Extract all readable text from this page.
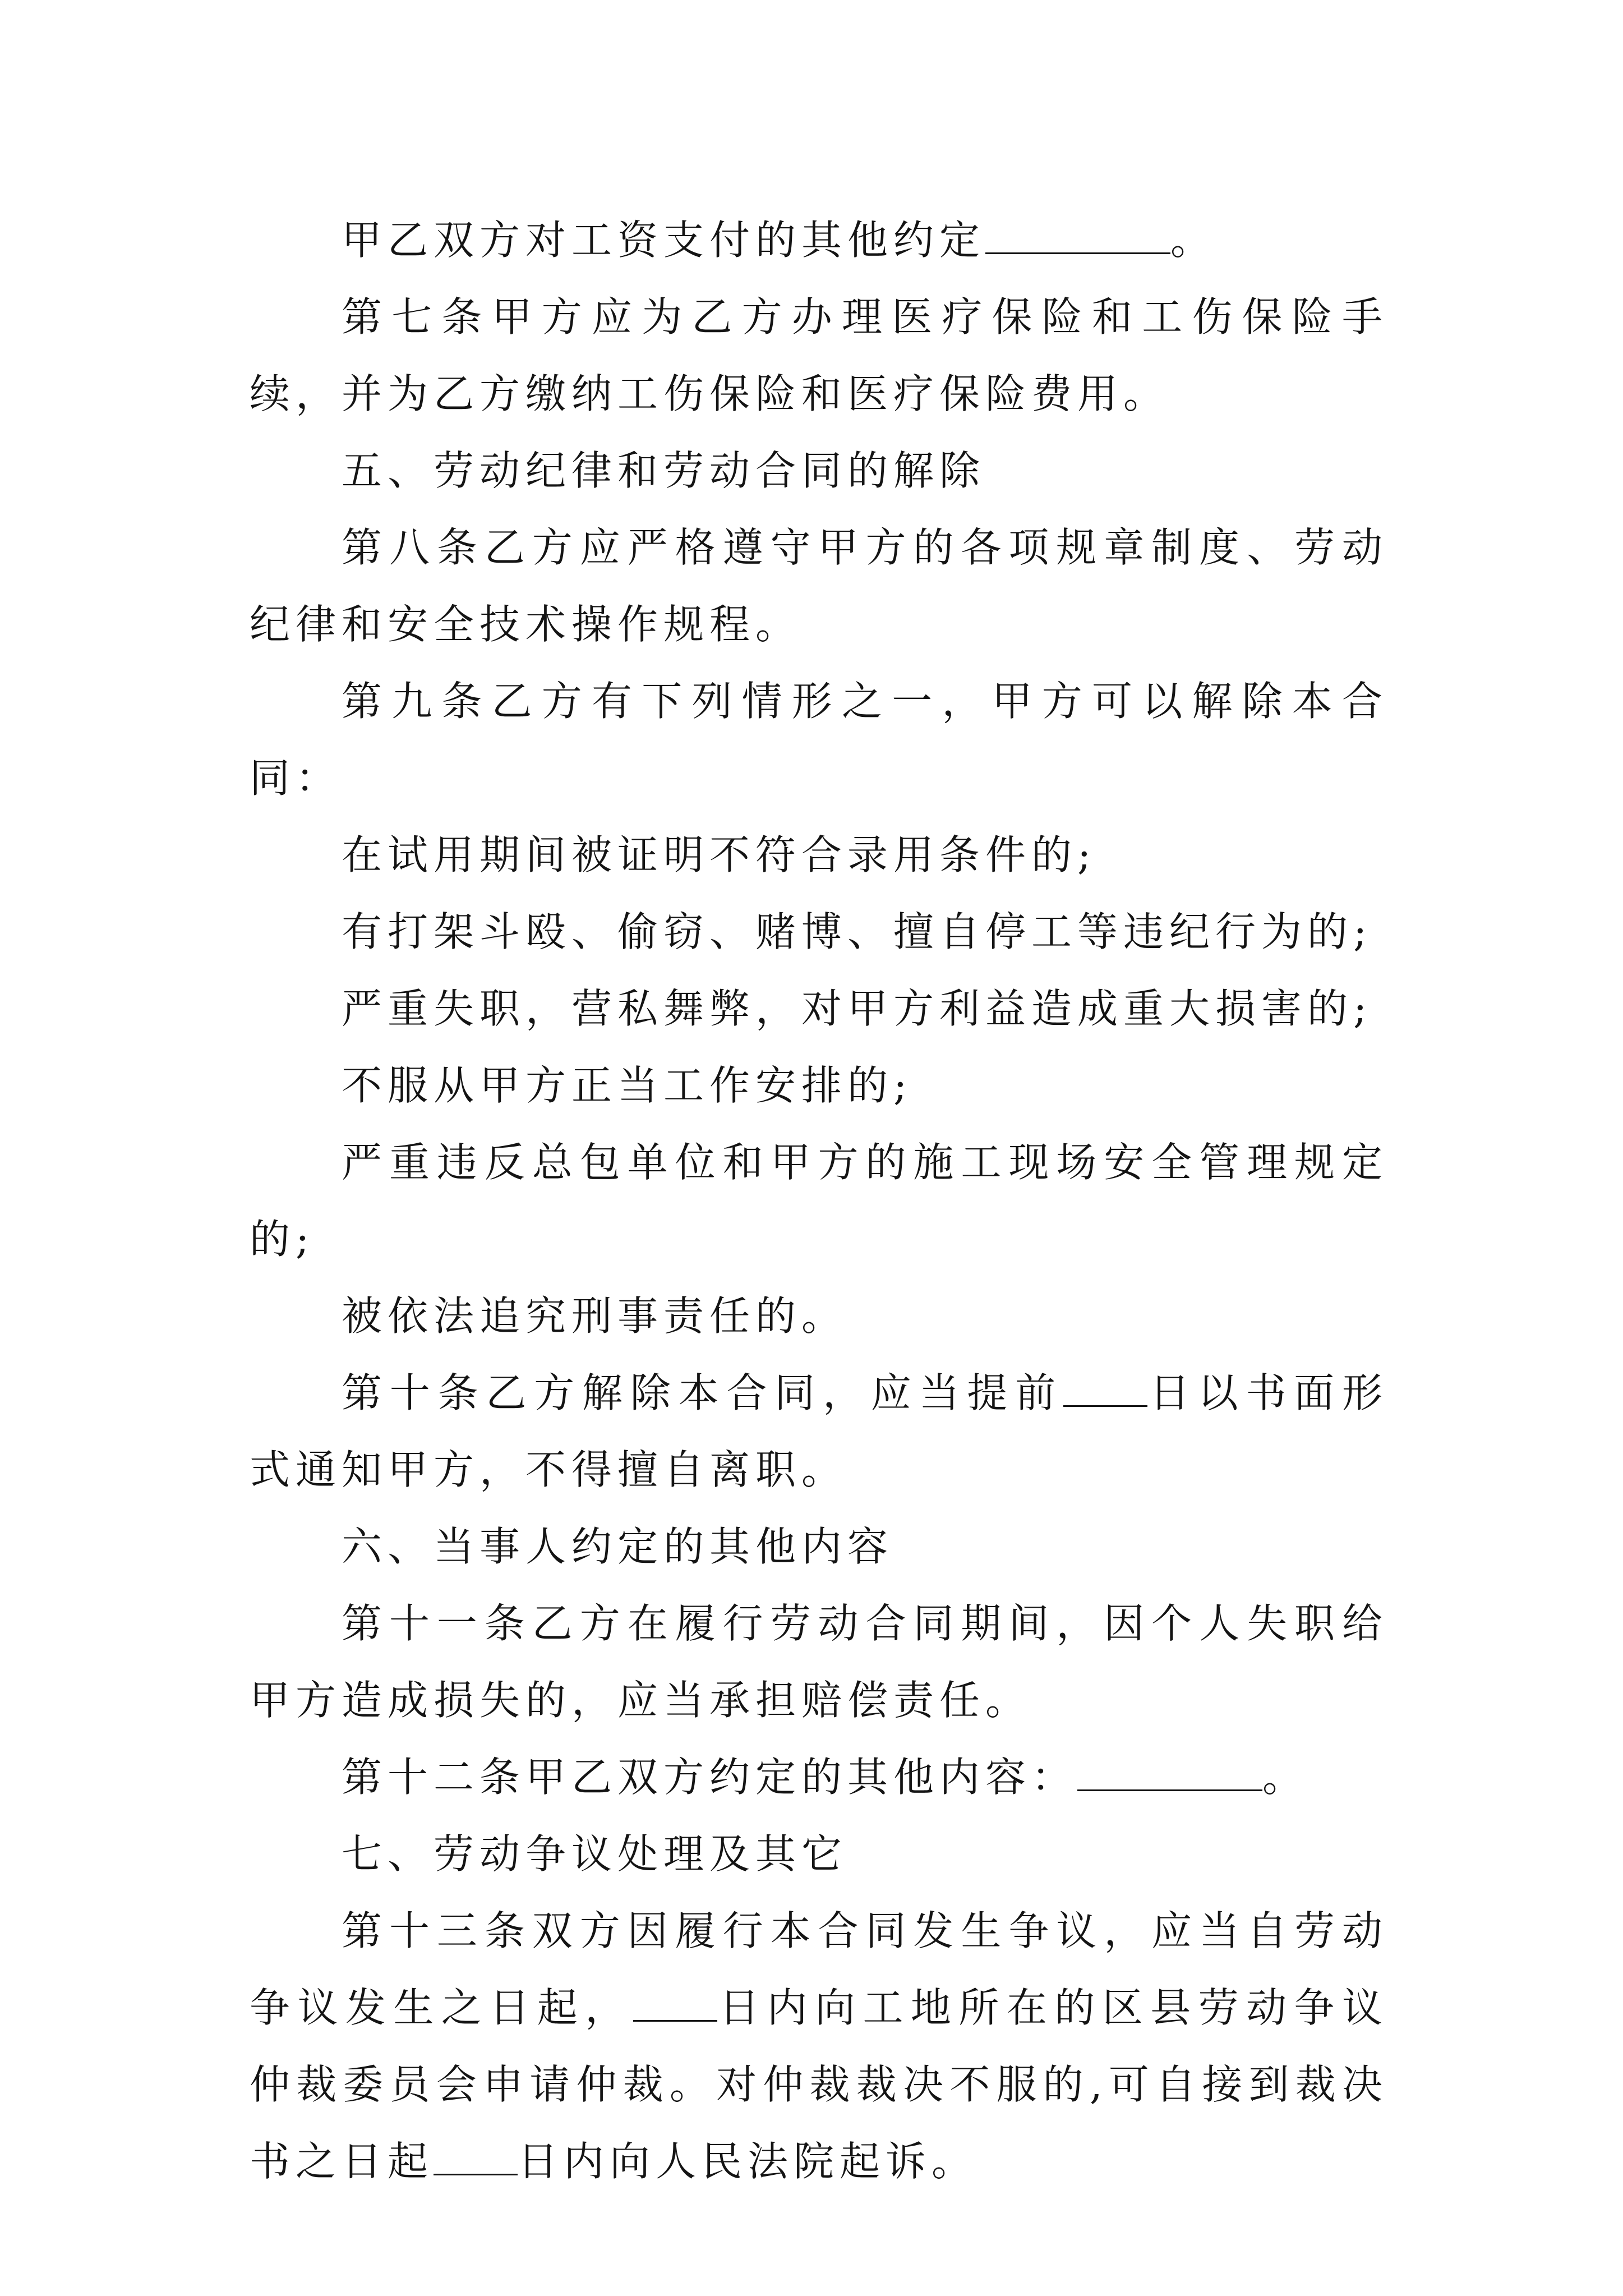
甲乙双方对工资支付的其他约定	。

第七条甲方应为乙方办理医疗保险和工伤保险手续，并为乙方缴纳工伤保险和医疗保险费用。

五、劳动纪律和劳动合同的解除

第八条乙方应严格遵守甲方的各项规章制度、劳动纪律和安全技术操作规程。

第九条乙方有下列情形之一，甲方可以解除本合同：

在试用期间被证明不符合录用条件的;

有打架斗殴、偷窃、赌博、擅自停工等违纪行为的;

严重失职，营私舞弊，对甲方利益造成重大损害的;

不服从甲方正当工作安排的;

严重违反总包单位和甲方的施工现场安全管理规定的;

被依法追究刑事责任的。

第十条乙方解除本合同，应当提前 日以书面形式通知甲方，不得擅自离职。

六、当事人约定的其他内容

第十一条乙方在履行劳动合同期间，因个人失职给甲方造成损失的，应当承担赔偿责任。

第十二条甲乙双方约定的其他内容：	。

七、劳动争议处理及其它

第十三条双方因履行本合同发生争议，应当自劳动争议发生之日起， 日内向工地所在的区县劳动争议仲裁委员会申请仲裁。对仲裁裁决不服的,可自接到裁决书之日起 日内向人民法院起诉。
